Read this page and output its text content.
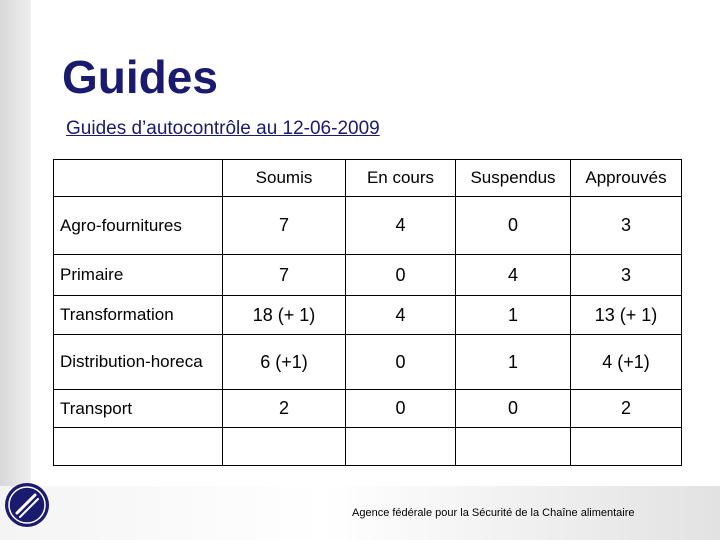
Guides
Guides d’autocontrôle au 12-06-2009
	Soumis	En cours	Suspendus	Approuvés
Agro-fournitures	7	4	0	3
Primaire	7	0	4	3
Transformation	18 (+ 1)	4	1	13 (+ 1)
Distribution-horeca	6 (+1)	0	1	4 (+1)
Transport	2	0	0	2

Agence fédérale pour la Sécurité de la Chaîne alimentaire
